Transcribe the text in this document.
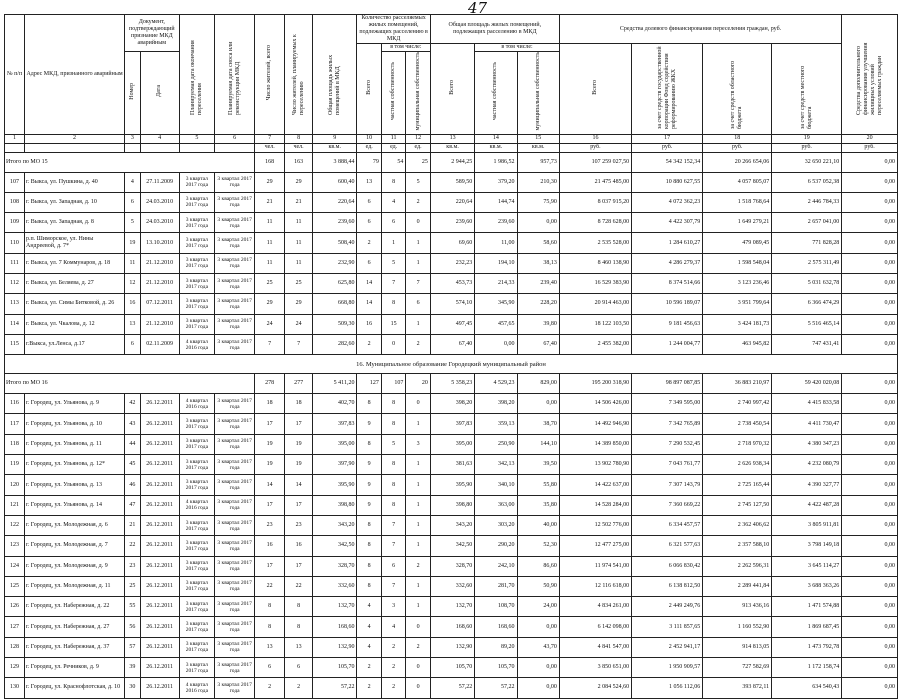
47
№ п/п	Адрес МКД, признанного аварийным	Документ, подтверждающий признание МКД аварийным		Планируемая дата окончания переселения	Планируемая дата сноса или реконструкции МКД	Число жителей, всего	Число жителей, планируемых к переселению	Общая площадь жилых помещений в МКД	Количество расселяемых жилых помещений, подлежащих расселению в МКД			Общая площадь жилых помещений, подлежащих расселению в МКД			Средства долевого финансирования переселения граждан, руб.				Средства дополнительного финансирования улучшения жилищных условий переселяемых граждан
									Всего	в том числе:		Всего	в том числе:		Всего	за счет средств государственной корпорации Фонд содействия реформированию ЖКХ	за счет средств областного бюджета	за счет средств местного бюджета	
		Номер	Дата							частная собственность	муниципальная собственность		частная собственность	муниципальная собственность					
1	2	3	4	5	6	7	8	9	10	11	12	13	14	15	16	17	18	19	20
						чел.	чел.	кв.м.	ед.	ед.	ед.	кв.м.	кв.м.	кв.м.	руб.	руб.	руб.	руб.	руб.
Итого по МО 15						168	163	3 888,44	79	54	25	2 944,25	1 986,52	957,73	107 259 027,50	54 342 152,34	20 266 654,06	32 650 221,10	0,00
107	г. Выкса, ул. Пушкина, д. 40	4	27.11.2009	3 квартал 2017 года	3 квартал 2017 года	29	29	600,40	13	8	5	589,50	379,20	210,30	21 475 485,00	10 880 627,55	4 057 805,07	6 537 052,38	0,00
108	г. Выкса, ул. Западная, д. 10	6	24.03.2010	3 квартал 2017 года	3 квартал 2017 года	21	21	220,64	6	4	2	220,64	144,74	75,90	8 037 915,20	4 072 362,23	1 518 768,64	2 446 784,33	0,00
109	г. Выкса, ул. Западная, д. 8	5	24.03.2010	3 квартал 2017 года	3 квартал 2017 года	11	11	239,60	6	6	0	239,60	239,60	0,00	8 728 628,00	4 422 307,79	1 649 279,21	2 657 041,00	0,00
110	р.п. Шиморское, ул. Нины Андреевой, д. 7*	19	13.10.2010	3 квартал 2017 года	3 квартал 2017 года	11	11	508,40	2	1	1	69,60	11,00	58,60	2 535 528,00	1 284 610,27	479 089,45	771 828,28	0,00
111	г. Выкса, ул. 7 Коммунаров, д. 18	11	21.12.2010	3 квартал 2017 года	3 квартал 2017 года	11	11	232,90	6	5	1	232,23	194,10	38,13	8 460 138,90	4 286 279,37	1 598 548,04	2 575 311,49	0,00
112	г. Выкса, ул. Беляева, д. 27	12	21.12.2010	3 квартал 2017 года	3 квартал 2017 года	25	25	625,80	14	7	7	453,73	214,33	239,40	16 529 383,90	8 374 514,66	3 123 236,46	5 031 632,78	0,00
113	г. Выкса, ул. Симы Битковой, д. 26	16	07.12.2011	3 квартал 2017 года	3 квартал 2017 года	29	29	668,80	14	8	6	574,10	345,90	228,20	20 914 463,00	10 596 189,07	3 951 799,64	6 366 474,29	0,00
114	г. Выкса, ул. Чкалова, д. 12	13	21.12.2010	3 квартал 2017 года	3 квартал 2017 года	24	24	509,30	16	15	1	497,45	457,65	39,80	18 122 103,50	9 181 456,63	3 424 181,73	5 516 465,14	0,00
115	г.Выкса, ул.Ленса, д.17	6	02.11.2009	4 квартал 2016 года	3 квартал 2017 года	7	7	282,60	2	0	2	67,40	0,00	67,40	2 455 382,00	1 244 004,77	463 945,82	747 431,41	0,00
16. Муниципальное образование Городецкий муниципальный район																			
Итого по МО 16						278	277	5 411,20	127	107	20	5 358,23	4 529,23	829,00	195 200 318,90	98 897 087,85	36 883 210,97	59 420 020,08	0,00
116	г. Городец, ул. Ульянова, д. 9	42	26.12.2011	4 квартал 2016 года	3 квартал 2017 года	18	18	402,70	8	8	0	398,20	398,20	0,00	14 506 426,00	7 349 595,00	2 740 997,42	4 415 833,58	0,00
117	г. Городец, ул. Ульянова, д. 10	43	26.12.2011	3 квартал 2017 года	3 квартал 2017 года	17	17	397,83	9	8	1	397,83	359,13	38,70	14 492 946,90	7 342 765,89	2 738 450,54	4 411 730,47	0,00
118	г. Городец, ул. Ульянова, д. 11	44	26.12.2011	3 квартал 2017 года	3 квартал 2017 года	19	19	395,00	8	5	3	395,00	250,90	144,10	14 389 850,00	7 290 532,45	2 718 970,32	4 380 347,23	0,00
119	г. Городец, ул. Ульянова, д. 12*	45	26.12.2011	3 квартал 2017 года	3 квартал 2017 года	19	19	397,90	9	8	1	381,63	342,13	39,50	13 902 780,90	7 043 761,77	2 626 938,34	4 232 080,79	0,00
120	г. Городец, ул. Ульянова, д. 13	46	26.12.2011	3 квартал 2017 года	3 квартал 2017 года	14	14	395,90	9	8	1	395,90	340,10	55,80	14 422 637,00	7 307 143,79	2 725 165,44	4 390 327,77	0,00
121	г. Городец, ул. Ульянова, д. 14	47	26.12.2011	4 квартал 2016 года	3 квартал 2017 года	17	17	398,80	9	8	1	398,80	363,00	35,80	14 528 284,00	7 360 669,22	2 745 127,50	4 422 487,28	0,00
122	г. Городец, ул. Молодежная, д. 6	21	26.12.2011	3 квартал 2017 года	3 квартал 2017 года	23	23	343,20	8	7	1	343,20	303,20	40,00	12 502 776,00	6 334 457,57	2 362 406,62	3 805 911,81	0,00
123	г. Городец, ул. Молодежная, д. 7	22	26.12.2011	3 квартал 2017 года	3 квартал 2017 года	16	16	342,50	8	7	1	342,50	290,20	52,30	12 477 275,00	6 321 577,63	2 357 588,10	3 798 149,18	0,00
124	г. Городец, ул. Молодежная, д. 9	23	26.12.2011	3 квартал 2017 года	3 квартал 2017 года	17	17	328,70	8	6	2	328,70	242,10	86,60	11 974 541,00	6 066 830,42	2 262 596,31	3 645 114,27	0,00
125	г. Городец, ул. Молодежная, д. 11	25	26.12.2011	3 квартал 2017 года	3 квартал 2017 года	22	22	332,60	8	7	1	332,60	281,70	50,90	12 116 618,00	6 138 812,50	2 289 441,84	3 688 363,26	0,00
126	г. Городец, ул. Набережная, д. 22	55	26.12.2011	3 квартал 2017 года	3 квартал 2017 года	8	8	132,70	4	3	1	132,70	108,70	24,00	4 834 261,00	2 449 249,76	913 436,16	1 471 574,88	0,00
127	г. Городец, ул. Набережная, д. 27	56	26.12.2011	3 квартал 2017 года	3 квартал 2017 года	8	8	168,60	4	4	0	168,60	168,60	0,00	6 142 098,00	3 111 857,65	1 160 552,90	1 869 687,45	0,00
128	г. Городец, ул. Набережная, д. 37	57	26.12.2011	3 квартал 2017 года	3 квартал 2017 года	13	13	132,90	4	2	2	132,90	89,20	43,70	4 841 547,00	2 452 941,17	914 813,05	1 473 792,78	0,00
129	г. Городец, ул. Речников, д. 9	39	26.12.2011	3 квартал 2017 года	3 квартал 2017 года	6	6	105,70	2	2	0	105,70	105,70	0,00	3 850 651,00	1 950 909,57	727 582,69	1 172 158,74	0,00
130	г. Городец, ул. Краснофлотская, д. 10	30	26.12.2011	4 квартал 2016 года	3 квартал 2017 года	2	2	57,22	2	2	0	57,22	57,22	0,00	2 084 524,60	1 056 112,06	393 872,11	634 540,43	0,00
